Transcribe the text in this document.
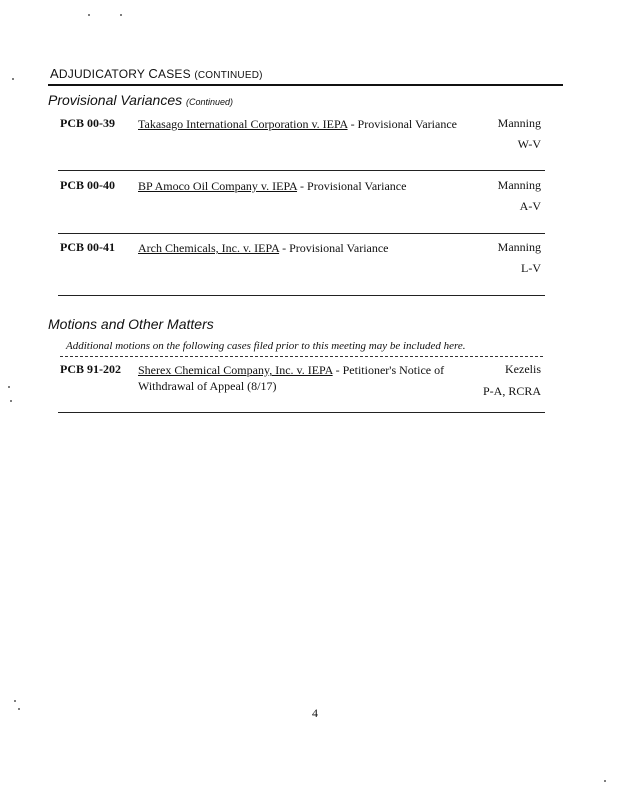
ADJUDICATORY CASES (CONTINUED)
Provisional Variances (Continued)
PCB 00-39	Takasago International Corporation v. IEPA - Provisional Variance	Manning
W-V
PCB 00-40	BP Amoco Oil Company v. IEPA - Provisional Variance	Manning
A-V
PCB 00-41	Arch Chemicals, Inc. v. IEPA - Provisional Variance	Manning
L-V
Motions and Other Matters
Additional motions on the following cases filed prior to this meeting may be included here.
PCB 91-202	Sherex Chemical Company, Inc. v. IEPA - Petitioner's Notice of Withdrawal of Appeal (8/17)
Kezelis
P-A, RCRA
4
